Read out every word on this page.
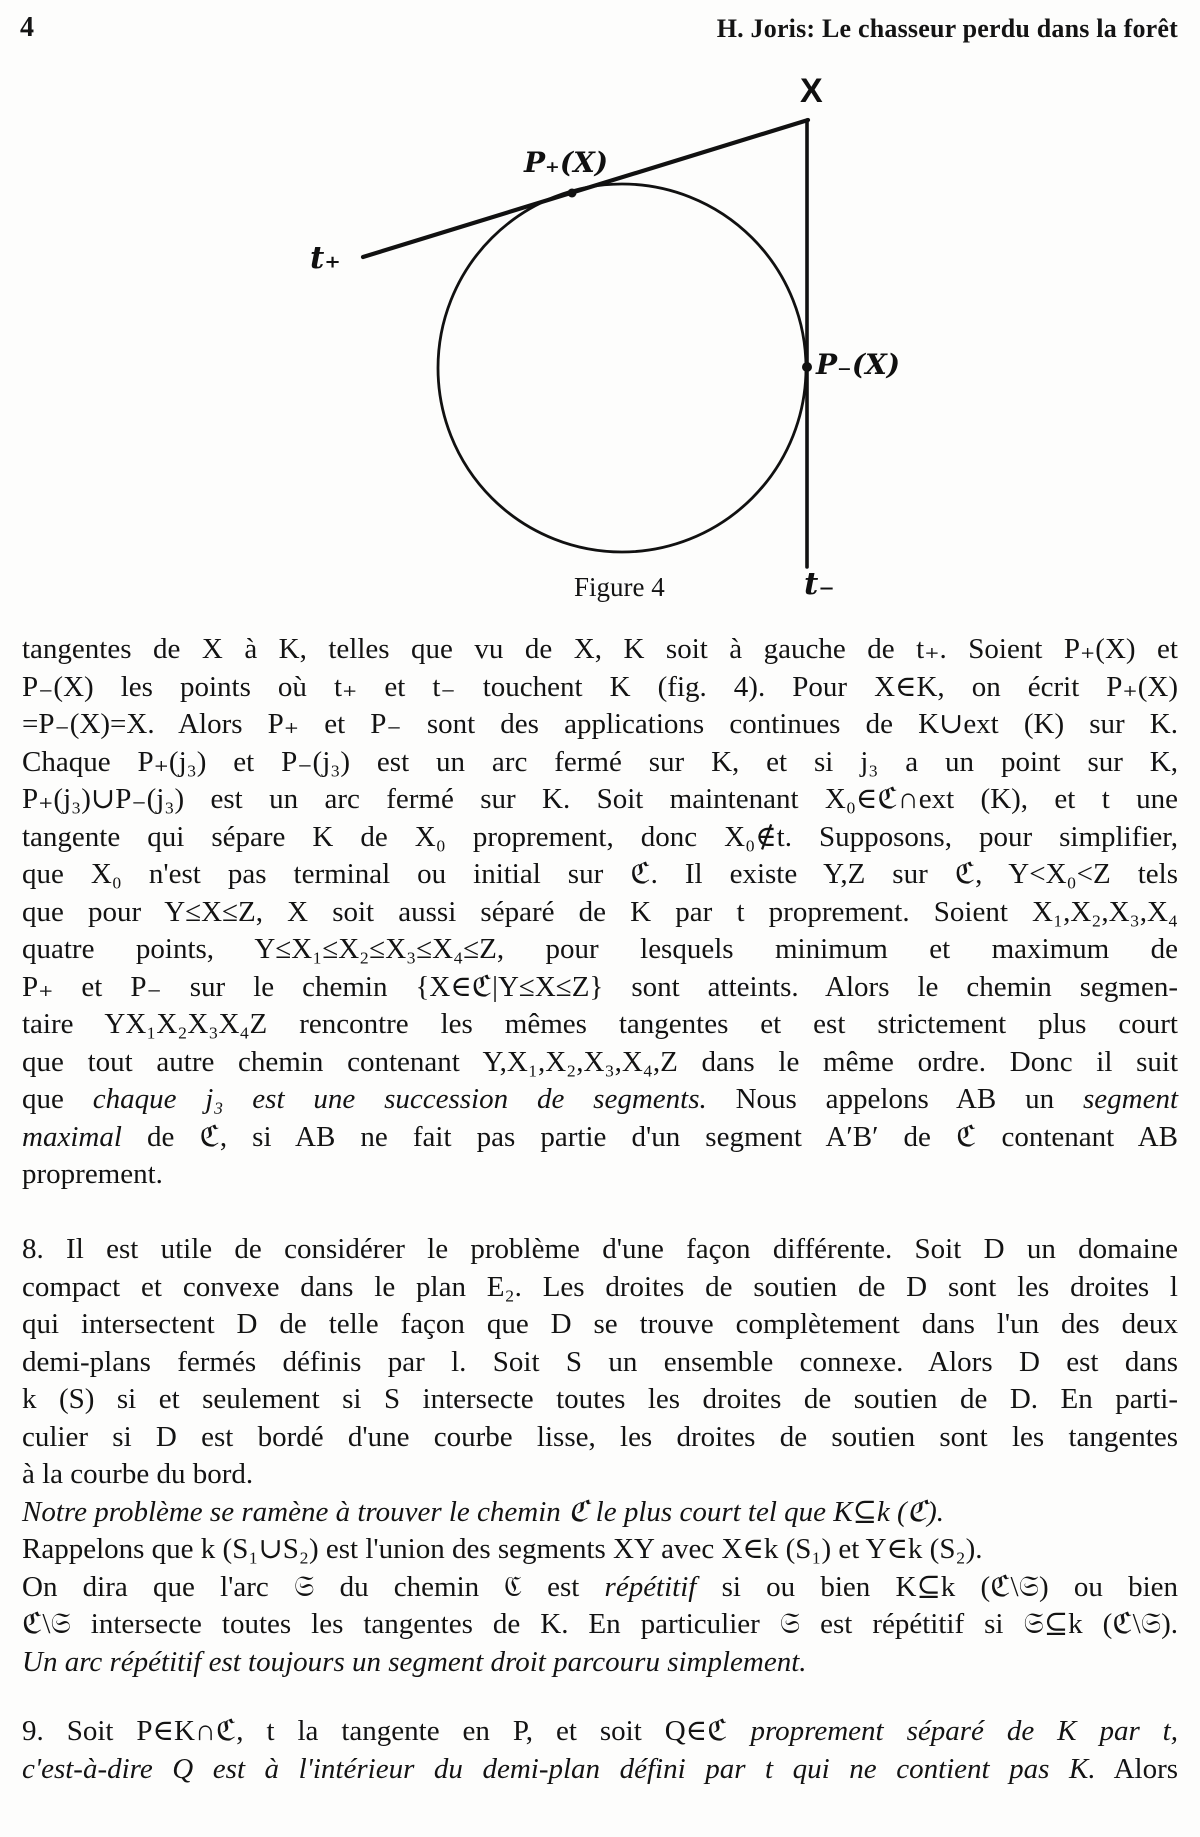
4	H. Joris: Le chasseur perdu dans la forêt
X
P₊(X)
P₋(X)
t₊
t₋
Figure 4
tangentes de X à K, telles que vu de X, K soit à gauche de t₊. Soient P₊(X) et
P₋(X) les points où t₊ et t₋ touchent K (fig. 4). Pour X∈K, on écrit P₊(X)
=P₋(X)=X. Alors P₊ et P₋ sont des applications continues de K∪ext (K) sur K.
Chaque P₊(j₃) et P₋(j₃) est un arc fermé sur K, et si j₃ a un point sur K,
P₊(j₃)∪P₋(j₃) est un arc fermé sur K. Soit maintenant X₀∈ℭ∩ext (K), et t une
tangente qui sépare K de X₀ proprement, donc X₀∉t. Supposons, pour simplifier,
que X₀ n'est pas terminal ou initial sur ℭ. Il existe Y,Z sur ℭ, Y<X₀<Z tels
que pour Y≤X≤Z, X soit aussi séparé de K par t proprement. Soient X₁,X₂,X₃,X₄
quatre points, Y≤X₁≤X₂≤X₃≤X₄≤Z, pour lesquels minimum et maximum de
P₊ et P₋ sur le chemin {X∈ℭ|Y≤X≤Z} sont atteints. Alors le chemin segmen-
taire YX₁X₂X₃X₄Z rencontre les mêmes tangentes et est strictement plus court
que tout autre chemin contenant Y,X₁,X₂,X₃,X₄,Z dans le même ordre. Donc il suit
que chaque j₃ est une succession de segments. Nous appelons AB un segment
maximal de ℭ, si AB ne fait pas partie d'un segment A′B′ de ℭ contenant AB
proprement.
8. Il est utile de considérer le problème d'une façon différente. Soit D un domaine
compact et convexe dans le plan E₂. Les droites de soutien de D sont les droites l
qui intersectent D de telle façon que D se trouve complètement dans l'un des deux
demi-plans fermés définis par l. Soit S un ensemble connexe. Alors D est dans
k (S) si et seulement si S intersecte toutes les droites de soutien de D. En parti-
culier si D est bordé d'une courbe lisse, les droites de soutien sont les tangentes
à la courbe du bord.
Notre problème se ramène à trouver le chemin ℭ le plus court tel que K⊆k (ℭ).
Rappelons que k (S₁∪S₂) est l'union des segments XY avec X∈k (S₁) et Y∈k (S₂).
On dira que l'arc 𝔖 du chemin ℭ est répétitif si ou bien K⊆k (ℭ\𝔖) ou bien
ℭ\𝔖 intersecte toutes les tangentes de K. En particulier 𝔖 est répétitif si 𝔖⊆k (ℭ\𝔖).
Un arc répétitif est toujours un segment droit parcouru simplement.
9. Soit P∈K∩ℭ, t la tangente en P, et soit Q∈ℭ proprement séparé de K par t,
c'est-à-dire Q est à l'intérieur du demi-plan défini par t qui ne contient pas K. Alors
